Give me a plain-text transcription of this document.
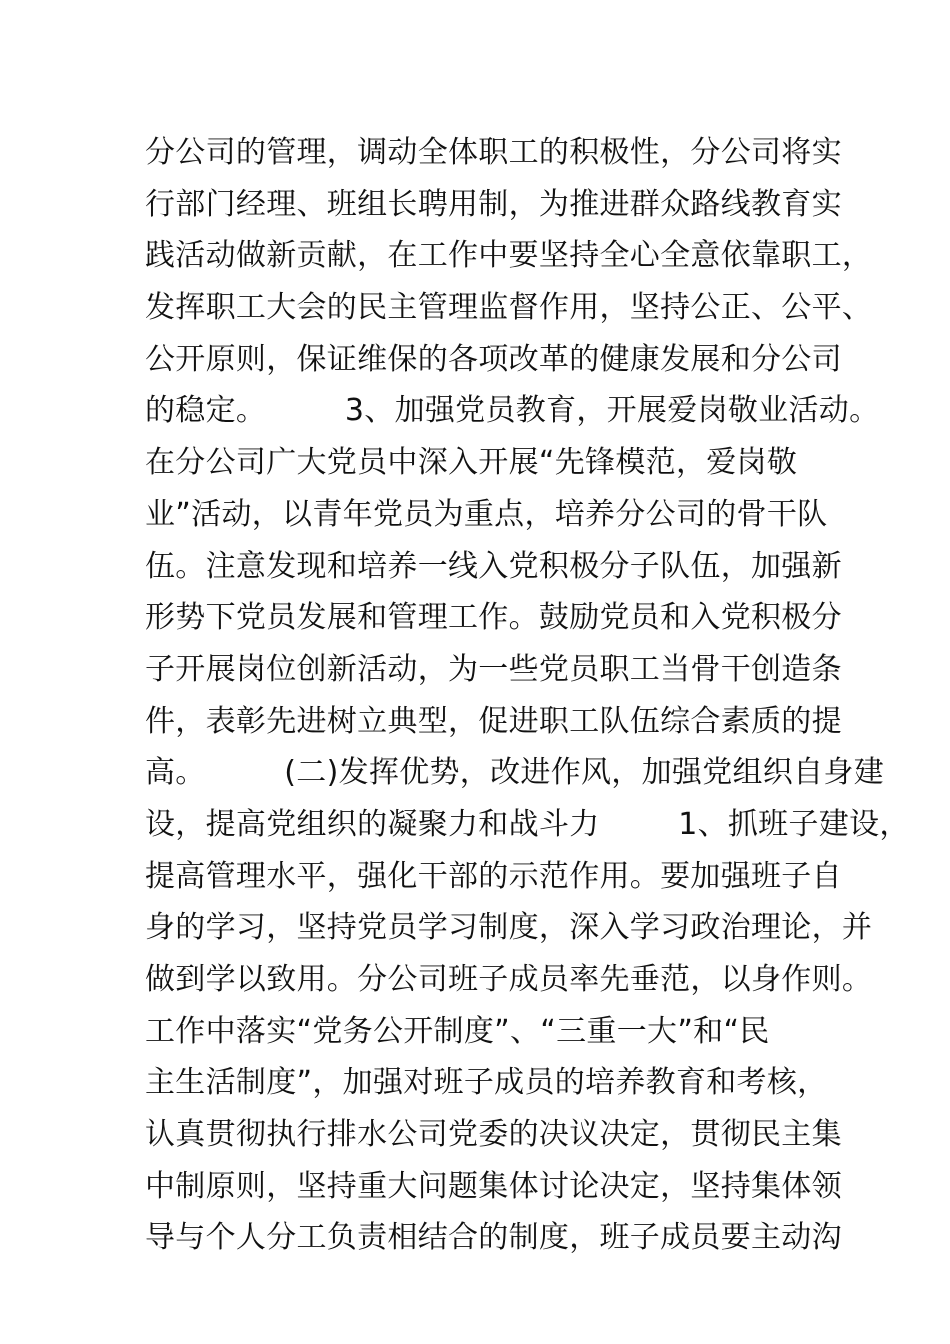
分公司的管理，调动全体职工的积极性，分公司将实
行部门经理、班组长聘用制，为推进群众路线教育实
践活动做新贡献，在工作中要坚持全心全意依靠职工，
发挥职工大会的民主管理监督作用，坚持公正、公平、
公开原则，保证维保的各项改革的健康发展和分公司
的稳定。        3、加强党员教育，开展爱岗敬业活动。
在分公司广大党员中深入开展“先锋模范，爱岗敬
业”活动，以青年党员为重点，培养分公司的骨干队
伍。注意发现和培养一线入党积极分子队伍，加强新
形势下党员发展和管理工作。鼓励党员和入党积极分
子开展岗位创新活动，为一些党员职工当骨干创造条
件，表彰先进树立典型，促进职工队伍综合素质的提
高。        (二)发挥优势，改进作风，加强党组织自身建
设，提高党组织的凝聚力和战斗力        1、抓班子建设，
提高管理水平，强化干部的示范作用。要加强班子自
身的学习，坚持党员学习制度，深入学习政治理论，并
做到学以致用。分公司班子成员率先垂范，以身作则。
工作中落实“党务公开制度”、“三重一大”和“民
主生活制度”，加强对班子成员的培养教育和考核，
认真贯彻执行排水公司党委的决议决定，贯彻民主集
中制原则，坚持重大问题集体讨论决定，坚持集体领
导与个人分工负责相结合的制度，班子成员要主动沟
